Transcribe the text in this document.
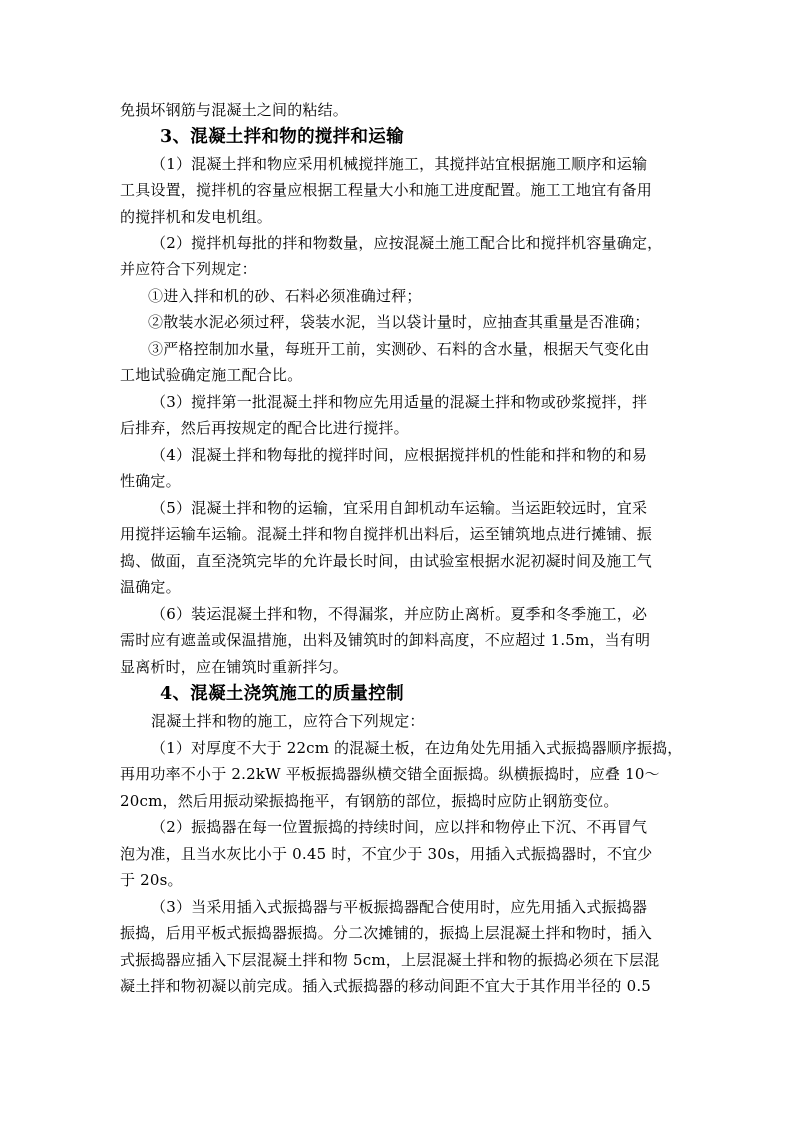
免损坏钢筋与混凝土之间的粘结。
3、混凝土拌和物的搅拌和运输
（1）混凝土拌和物应采用机械搅拌施工，其搅拌站宜根据施工顺序和运输
工具设置，搅拌机的容量应根据工程量大小和施工进度配置。施工工地宜有备用
的搅拌机和发电机组。
（2）搅拌机每批的拌和物数量，应按混凝土施工配合比和搅拌机容量确定，
并应符合下列规定：
①进入拌和机的砂、石料必须准确过秤；
②散装水泥必须过秤，袋装水泥，当以袋计量时，应抽查其重量是否准确；
③严格控制加水量，每班开工前，实测砂、石料的含水量，根据天气变化由
工地试验确定施工配合比。
（3）搅拌第一批混凝土拌和物应先用适量的混凝土拌和物或砂浆搅拌，拌
后排弃，然后再按规定的配合比进行搅拌。
（4）混凝土拌和物每批的搅拌时间，应根据搅拌机的性能和拌和物的和易
性确定。
（5）混凝土拌和物的运输，宜采用自卸机动车运输。当运距较远时，宜采
用搅拌运输车运输。混凝土拌和物自搅拌机出料后，运至铺筑地点进行摊铺、振
捣、做面，直至浇筑完毕的允许最长时间，由试验室根据水泥初凝时间及施工气
温确定。
（6）装运混凝土拌和物，不得漏浆，并应防止离析。夏季和冬季施工，必
需时应有遮盖或保温措施，出料及铺筑时的卸料高度，不应超过 1.5m，当有明
显离析时，应在铺筑时重新拌匀。
4、混凝土浇筑施工的质量控制
混凝土拌和物的施工，应符合下列规定：
（1）对厚度不大于 22cm 的混凝土板，在边角处先用插入式振捣器顺序振捣，
再用功率不小于 2.2kW 平板振捣器纵横交错全面振捣。纵横振捣时，应叠 10～
20cm，然后用振动梁振捣拖平，有钢筋的部位，振捣时应防止钢筋变位。
（2）振捣器在每一位置振捣的持续时间，应以拌和物停止下沉、不再冒气
泡为准，且当水灰比小于 0.45 时，不宜少于 30s，用插入式振捣器时，不宜少
于 20s。
（3）当采用插入式振捣器与平板振捣器配合使用时，应先用插入式振捣器
振捣，后用平板式振捣器振捣。分二次摊铺的，振捣上层混凝土拌和物时，插入
式振捣器应插入下层混凝土拌和物 5cm，上层混凝土拌和物的振捣必须在下层混
凝土拌和物初凝以前完成。插入式振捣器的移动间距不宜大于其作用半径的 0.5
